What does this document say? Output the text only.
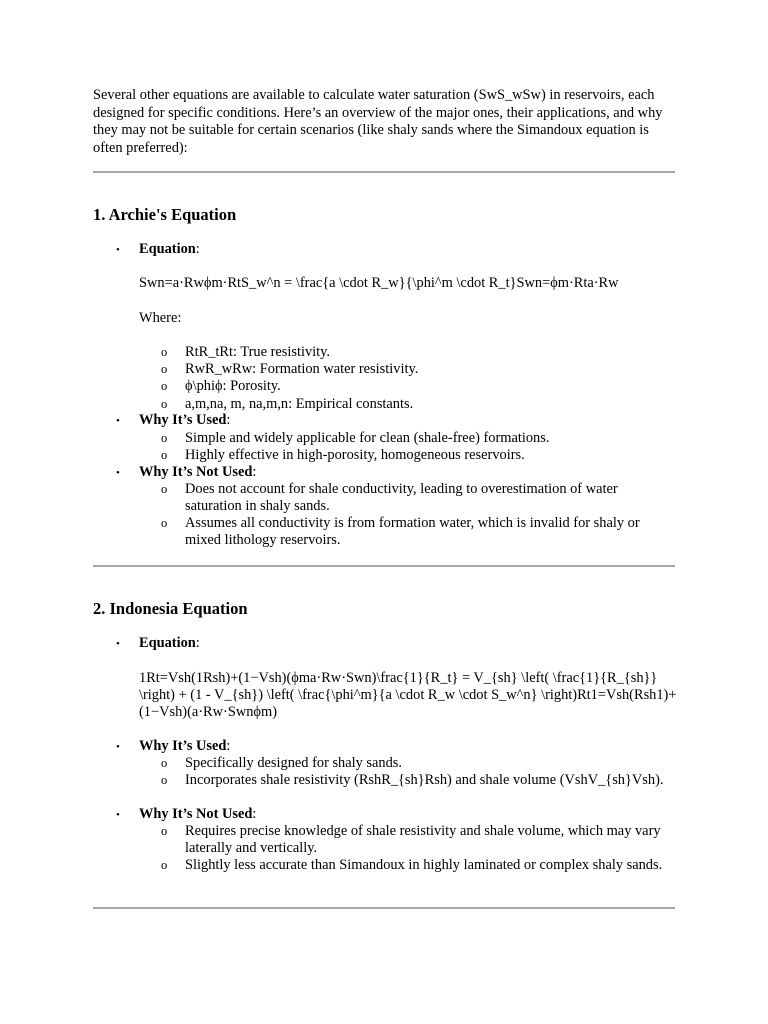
Several other equations are available to calculate water saturation (SwS_wSw) in reservoirs, each designed for specific conditions. Here’s an overview of the major ones, their applications, and why they may not be suitable for certain scenarios (like shaly sands where the Simandoux equation is often preferred):

1. Archie's Equation
• Equation:

Swn=a·Rwϕm·RtS_w^n = \frac{a \cdot R_w}{\phi^m \cdot R_t}Swn=ϕm·Rta·Rw

Where:

o RtR_tRt: True resistivity.

o RwR_wRw: Formation water resistivity.

o ϕ\phiϕ: Porosity.

o a,m,na, m, na,m,n: Empirical constants.

• Why It’s Used:
o Simple and widely applicable for clean (shale-free) formations.

o Highly effective in high-porosity, homogeneous reservoirs.

• Why It’s Not Used:
o Does not account for shale conductivity, leading to overestimation of water saturation in shaly sands.

o Assumes all conductivity is from formation water, which is invalid for shaly or mixed lithology reservoirs.

2. Indonesia Equation
• Equation:

1Rt=Vsh(1Rsh)+(1−Vsh)(ϕma·Rw·Swn)\frac{1}{R_t} = V_{sh} \left( \frac{1}{R_{sh}} \right) + (1 - V_{sh}) \left( \frac{\phi^m}{a \cdot R_w \cdot S_w^n} \right)Rt1=Vsh(Rsh1)+(1−Vsh)(a·Rw·Swnϕm)

• Why It’s Used:
o Specifically designed for shaly sands.

o Incorporates shale resistivity (RshR_{sh}Rsh) and shale volume (VshV_{sh}Vsh).

• Why It’s Not Used:
o Requires precise knowledge of shale resistivity and shale volume, which may vary laterally and vertically.

o Slightly less accurate than Simandoux in highly laminated or complex shaly sands.
